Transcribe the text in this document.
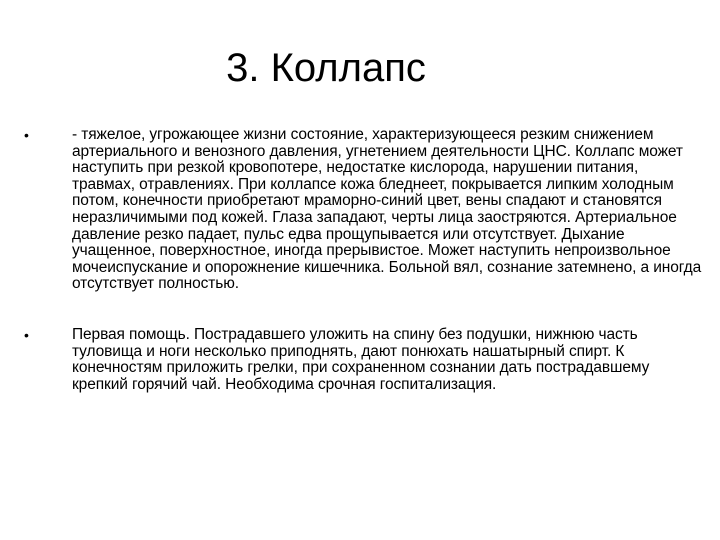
3. Коллапс
•	- тяжелое, угрожающее жизни состояние, характеризующееся резким снижением артериального и венозного давления, угнетением деятельности ЦНС. Коллапс может наступить при резкой кровопотере, недостатке кислорода, нарушении питания, травмах, отравлениях. При коллапсе кожа бледнеет, покрывается липким холодным потом, конечности приобретают мраморно-синий цвет, вены спадают и становятся неразличимыми под кожей. Глаза западают, черты лица заостряются. Артериальное давление резко падает, пульс едва прощупывается или отсутствует. Дыхание учащенное, поверхностное, иногда прерывистое. Может наступить непроизвольное мочеиспускание и опорожнение кишечника. Больной вял, сознание затемнено, а иногда отсутствует полностью.
•	Первая помощь. Пострадавшего уложить на спину без подушки, нижнюю часть туловища и ноги несколько приподнять, дают понюхать нашатырный спирт. К конечностям приложить грелки, при сохраненном сознании дать пострадавшему крепкий горячий чай. Необходима срочная госпитализация.
